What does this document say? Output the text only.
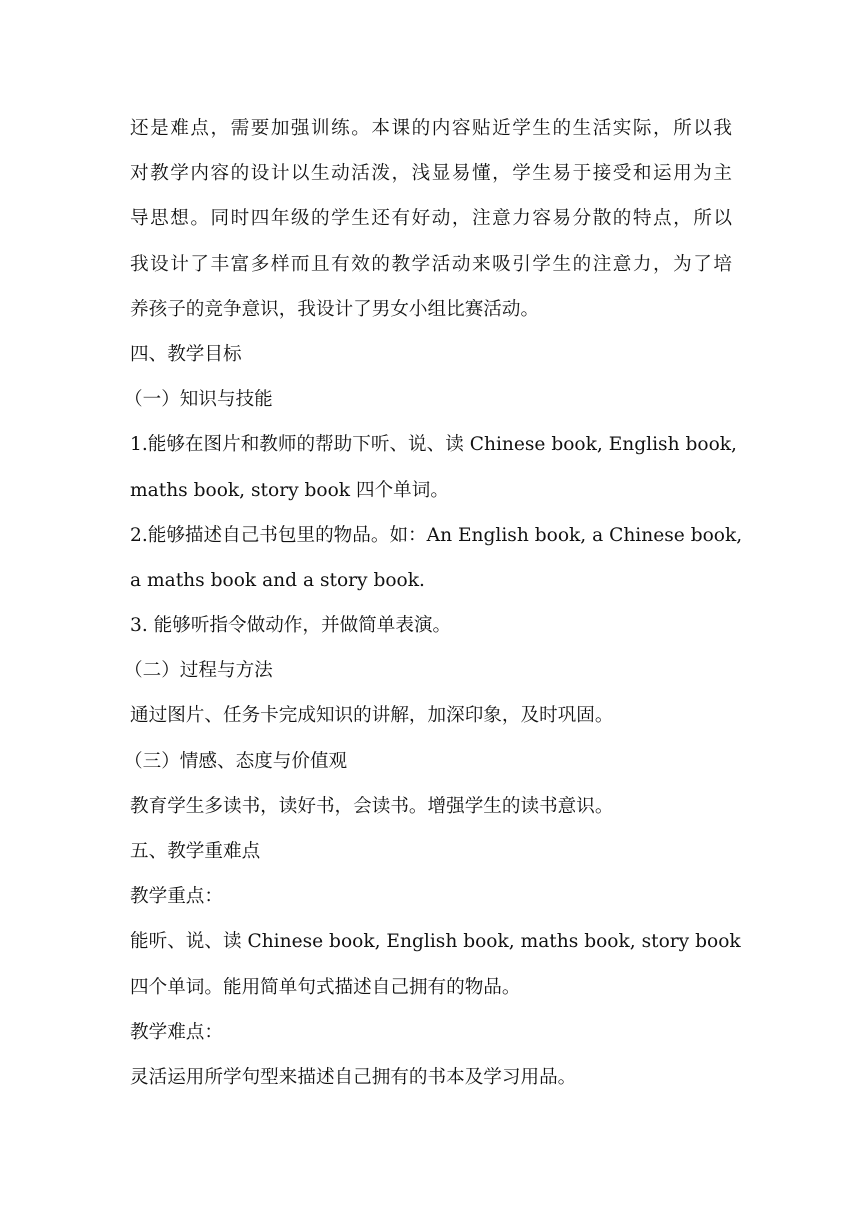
还是难点，需要加强训练。本课的内容贴近学生的生活实际，所以我

对教学内容的设计以生动活泼，浅显易懂，学生易于接受和运用为主

导思想。同时四年级的学生还有好动，注意力容易分散的特点，所以

我设计了丰富多样而且有效的教学活动来吸引学生的注意力，为了培

养孩子的竞争意识，我设计了男女小组比赛活动。

四、教学目标

（一）知识与技能

1.能够在图片和教师的帮助下听、说、读 Chinese book, English book,

maths book, story book 四个单词。

2.能够描述自己书包里的物品。如：An English book, a Chinese book,

a maths book and a story book.

3. 能够听指令做动作，并做简单表演。

（二）过程与方法

通过图片、任务卡完成知识的讲解，加深印象，及时巩固。

（三）情感、态度与价值观

教育学生多读书，读好书，会读书。增强学生的读书意识。

五、教学重难点

教学重点：

能听、说、读 Chinese book, English book, maths book, story book

四个单词。能用简单句式描述自己拥有的物品。

教学难点：

灵活运用所学句型来描述自己拥有的书本及学习用品。
